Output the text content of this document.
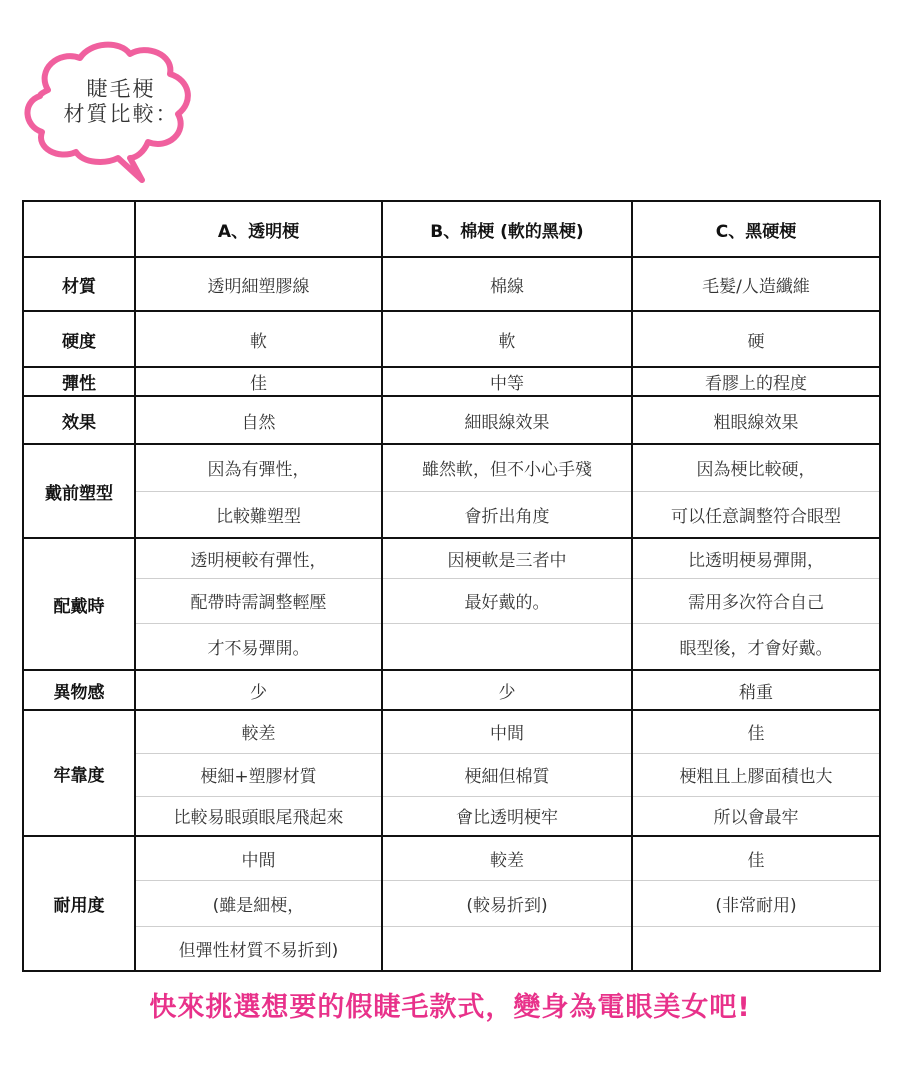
睫毛梗
材質比較：
	A、透明梗	B、棉梗 (軟的黑梗)	C、黑硬梗
材質	透明細塑膠線	棉線	毛髮/人造纖維
硬度	軟	軟	硬
彈性	佳	中等	看膠上的程度
效果	自然	細眼線效果	粗眼線效果
戴前塑型	因為有彈性，	雖然軟，但不小心手殘	因為梗比較硬，
	比較難塑型	會折出角度	可以任意調整符合眼型
配戴時	透明梗較有彈性，	因梗軟是三者中	比透明梗易彈開，
	配帶時需調整輕壓	最好戴的。	需用多次符合自己
	才不易彈開。		眼型後，才會好戴。
異物感	少	少	稍重
牢靠度	較差	中間	佳
	梗細+塑膠材質	梗細但棉質	梗粗且上膠面積也大
	比較易眼頭眼尾飛起來	會比透明梗牢	所以會最牢
耐用度	中間	較差	佳
	(雖是細梗，	(較易折到)	(非常耐用)
	但彈性材質不易折到)		
快來挑選想要的假睫毛款式，變身為電眼美女吧!
